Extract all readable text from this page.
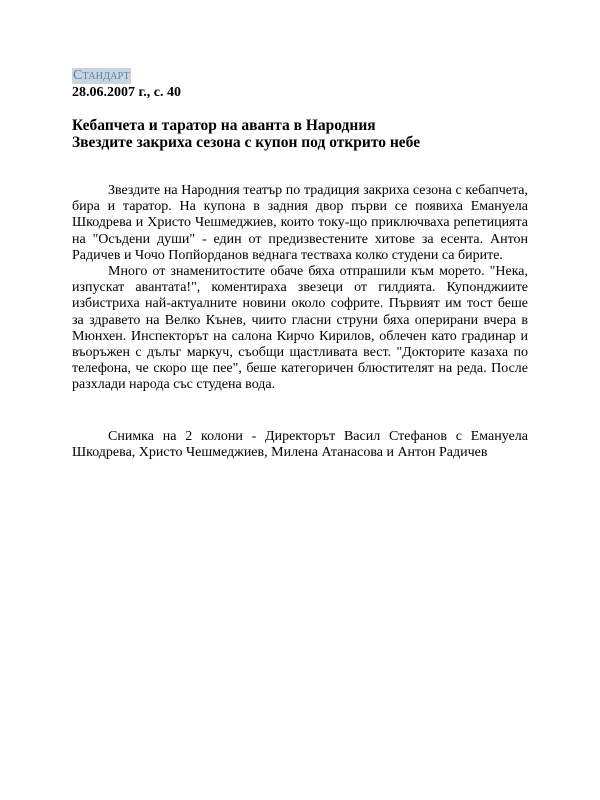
Стандарт
28.06.2007 г., с. 40
Кебапчета и таратор на аванта в Народния
Звездите закриха сезона с купон под открито небе

Звездите на Народния театър по традиция закриха сезона с кебапчета, бира и таратор. На купона в задния двор първи се появиха Емануела Шкодрева и Христо Чешмеджиев, които току-що приключваха репетицията на "Осъдени души" - един от предизвестените хитове за есента. Антон Радичев и Чочо Попйорданов веднага тествaха колко студени са бирите.

Много от знаменитостите обаче бяха отпрашили към морето. "Нека, изпускат авантата!", коментираха звезеци от гилдията. Купонджиите избистриха най-актуалните новини около софрите. Първият им тост беше за здравето на Велко Кънев, чиито гласни струни бяха оперирани вчера в Мюнхен. Инспекторът на салона Кирчо Кирилов, облечен като градинар и въоръжен с дълъг маркуч, съобщи щастливата вест. "Докторите казаха по телефона, че скоро ще пее", беше категоричен блюстителят на реда. После разхлади народа със студена вода.

Снимка на 2 колони - Директорът Васил Стефанов с Емануела Шкодрева, Христо Чешмеджиев, Милена Атанасова и Антон Радичев
